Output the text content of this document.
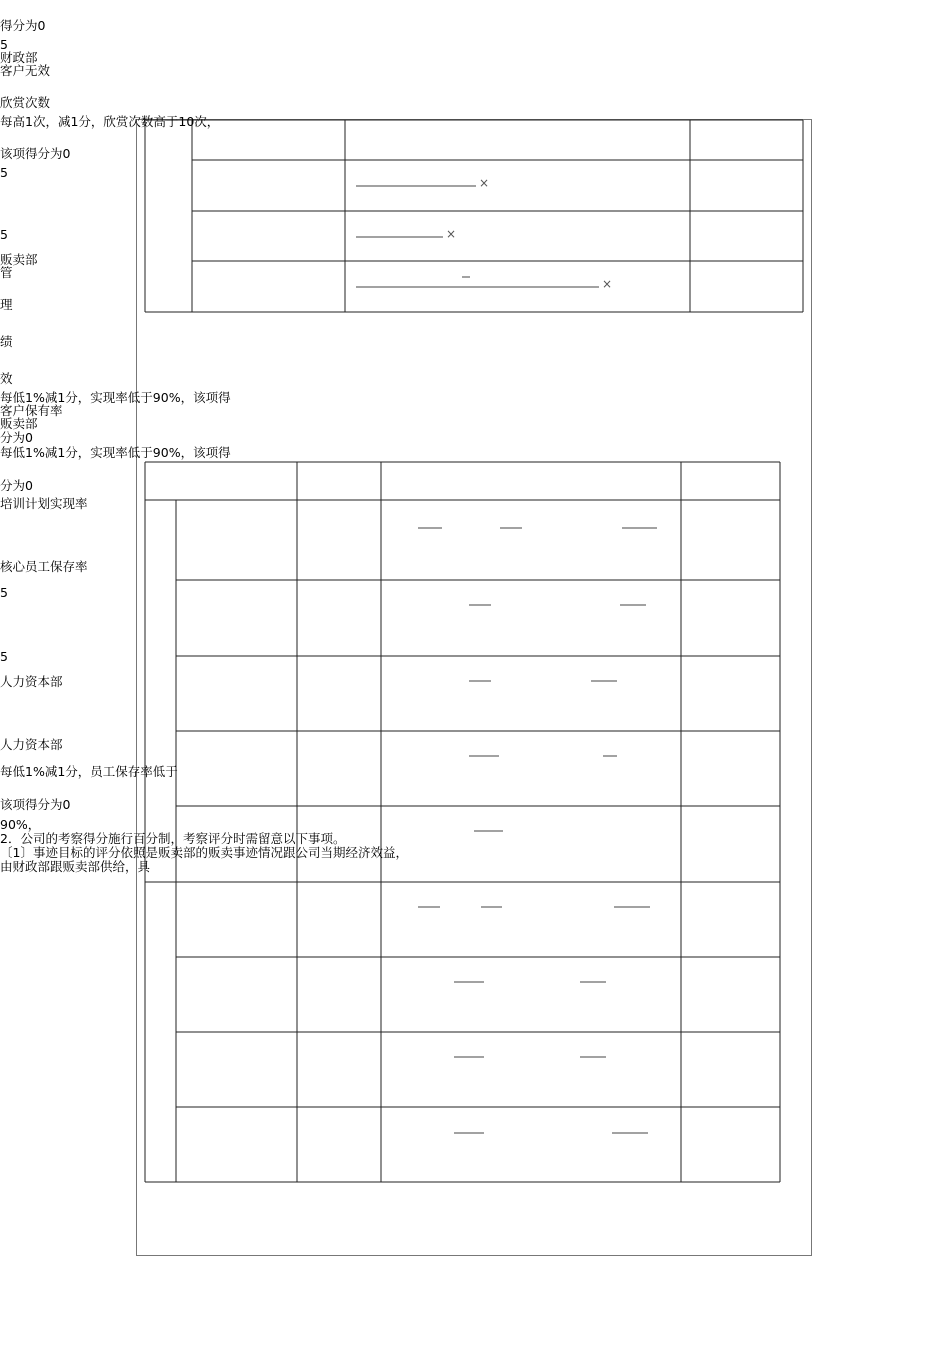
×
×
×
得分为0
5
财政部
客户无效
欣赏次数
每高1次，减1分，欣赏次数高于10次，
该项得分为0
5
5
贩卖部
管
理
绩
效
每低1%减1分，实现率低于90%，该项得
客户保有率
贩卖部
分为0
每低1%减1分，实现率低于90%，该项得
分为0
培训计划实现率
核心员工保存率
5
5
人力资本部
人力资本部
每低1%减1分，员工保存率低于
该项得分为0
90%，
2．公司的考察得分施行百分制，考察评分时需留意以下事项。
〔1〕事迹目标的评分依照是贩卖部的贩卖事迹情况跟公司当期经济效益，
由财政部跟贩卖部供给，具
